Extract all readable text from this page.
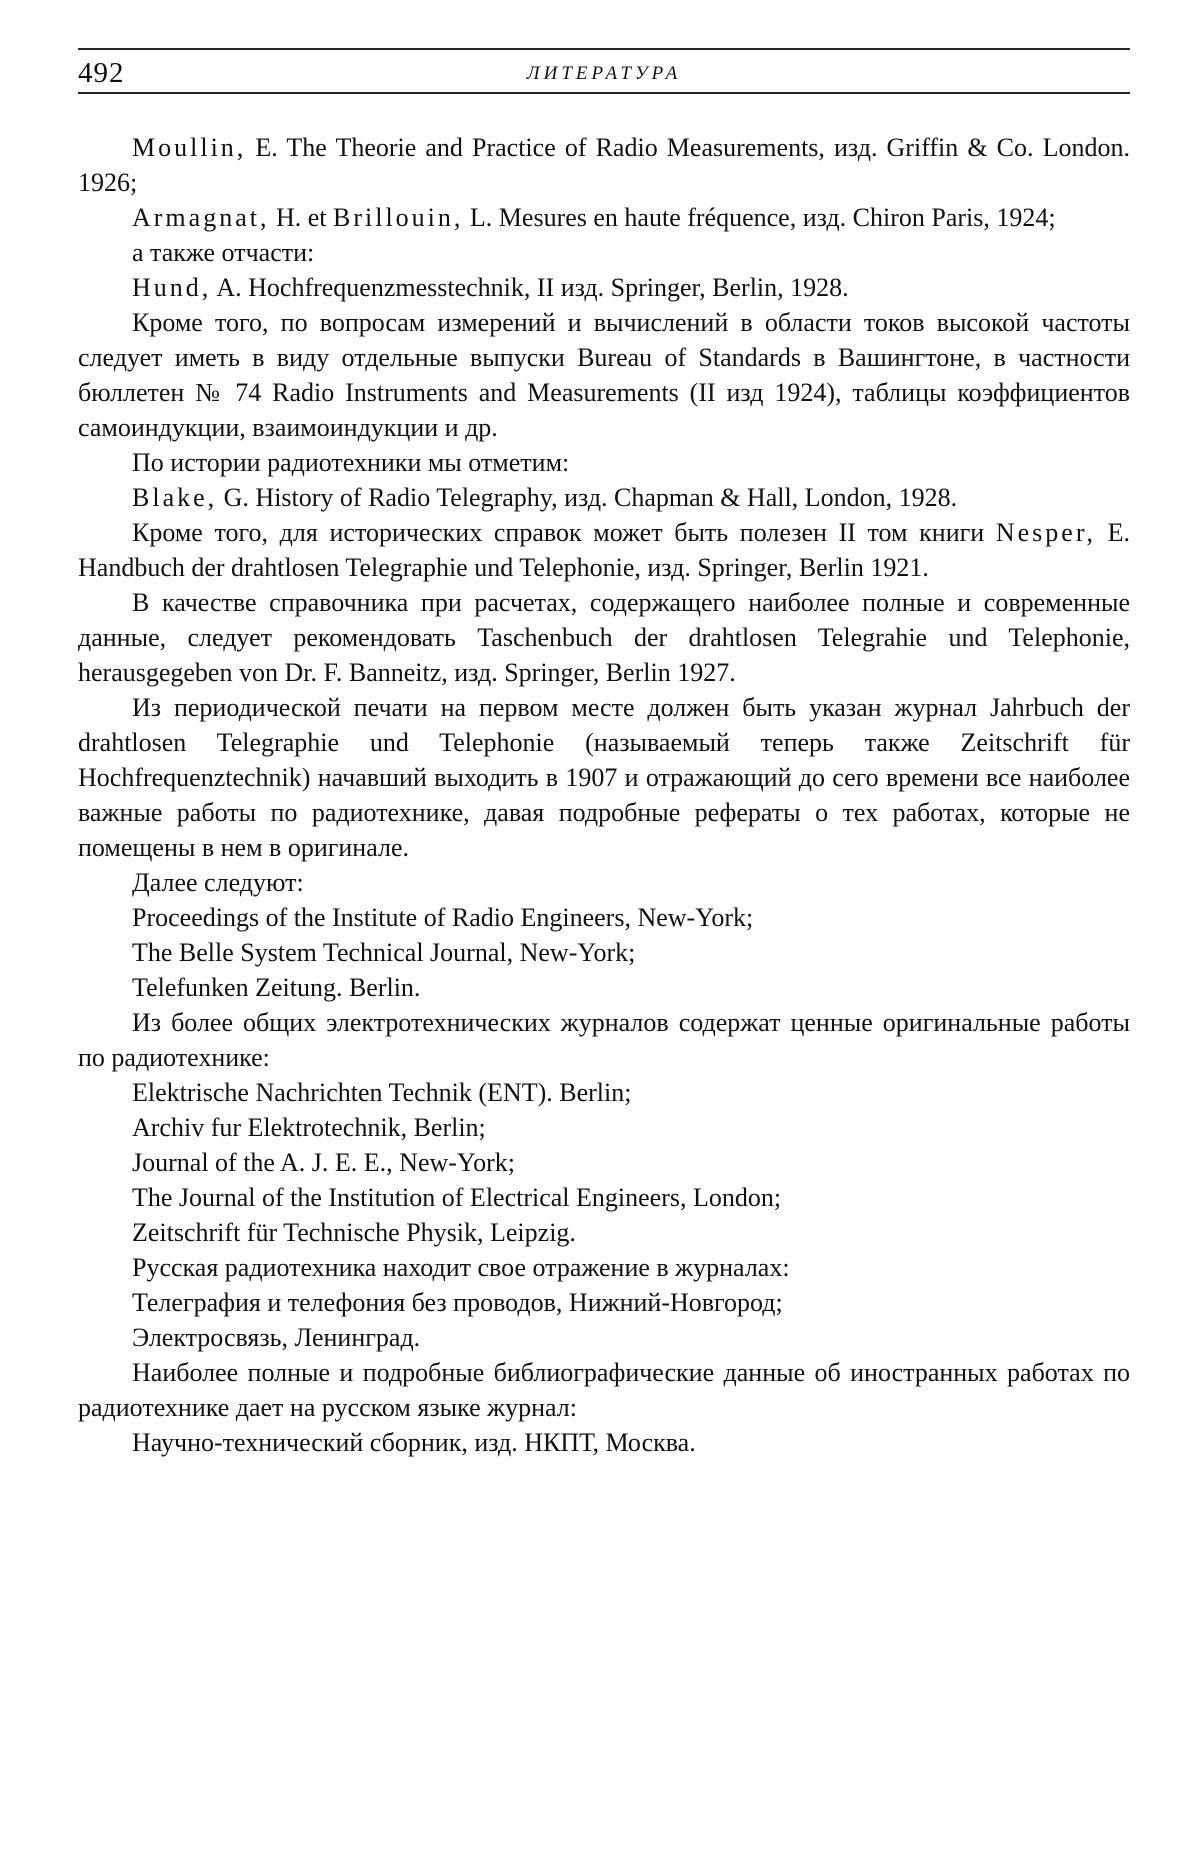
492	ЛИТЕРАТУРА

Moullin, E. The Theorie and Practice of Radio Measurements, изд. Griffin & Co. London. 1926;

Armagnat, H. et Brillouin, L. Mesures en haute fréquence, изд. Chiron Paris, 1924;

а также отчасти:

Hund, A. Hochfrequenzmesstechnik, II изд. Springer, Berlin, 1928.

Кроме того, по вопросам измерений и вычислений в области токов высокой частоты следует иметь в виду отдельные выпуски Bureau of Standards в Вашингтоне, в частности бюллетен № 74 Radio Instruments and Measurements (II изд 1924), таблицы коэффициентов самоиндукции, взаимоиндукции и др.

По истории радиотехники мы отметим:

Blake, G. History of Radio Telegraphy, изд. Chapman & Hall, London, 1928.

Кроме того, для исторических справок может быть полезен II том книги Nesper, E. Handbuch der drahtlosen Telegraphie und Telephonie, изд. Springer, Berlin 1921.

В качестве справочника при расчетах, содержащего наиболее полные и современные данные, следует рекомендовать Taschenbuch der drahtlosen Telegrahie und Telephonie, herausgegeben von Dr. F. Banneitz, изд. Springer, Berlin 1927.

Из периодической печати на первом месте должен быть указан журнал Jahrbuch der drahtlosen Telegraphie und Telephonie (называемый теперь также Zeitschrift für Hochfrequenztechnik) начавший выходить в 1907 и отражающий до сего времени все наиболее важные работы по радиотехнике, давая подробные рефераты о тех работах, которые не помещены в нем в оригинале.

Далее следуют:

Proceedings of the Institute of Radio Engineers, New-York;

The Belle System Technical Journal, New-York;

Telefunken Zeitung. Berlin.

Из более общих электротехнических журналов содержат ценные оригинальные работы по радиотехнике:

Elektrische Nachrichten Technik (ENT). Berlin;

Archiv fur Elektrotechnik, Berlin;

Journal of the A. J. E. E., New-York;

The Journal of the Institution of Electrical Engineers, London;

Zeitschrift für Technische Physik, Leipzig.

Русская радиотехника находит свое отражение в журналах:

Телеграфия и телефония без проводов, Нижний-Новгород;

Электросвязь, Ленинград.

Наиболее полные и подробные библиографические данные об иностранных работах по радиотехнике дает на русском языке журнал:

Научно-технический сборник, изд. НКПТ, Москва.
